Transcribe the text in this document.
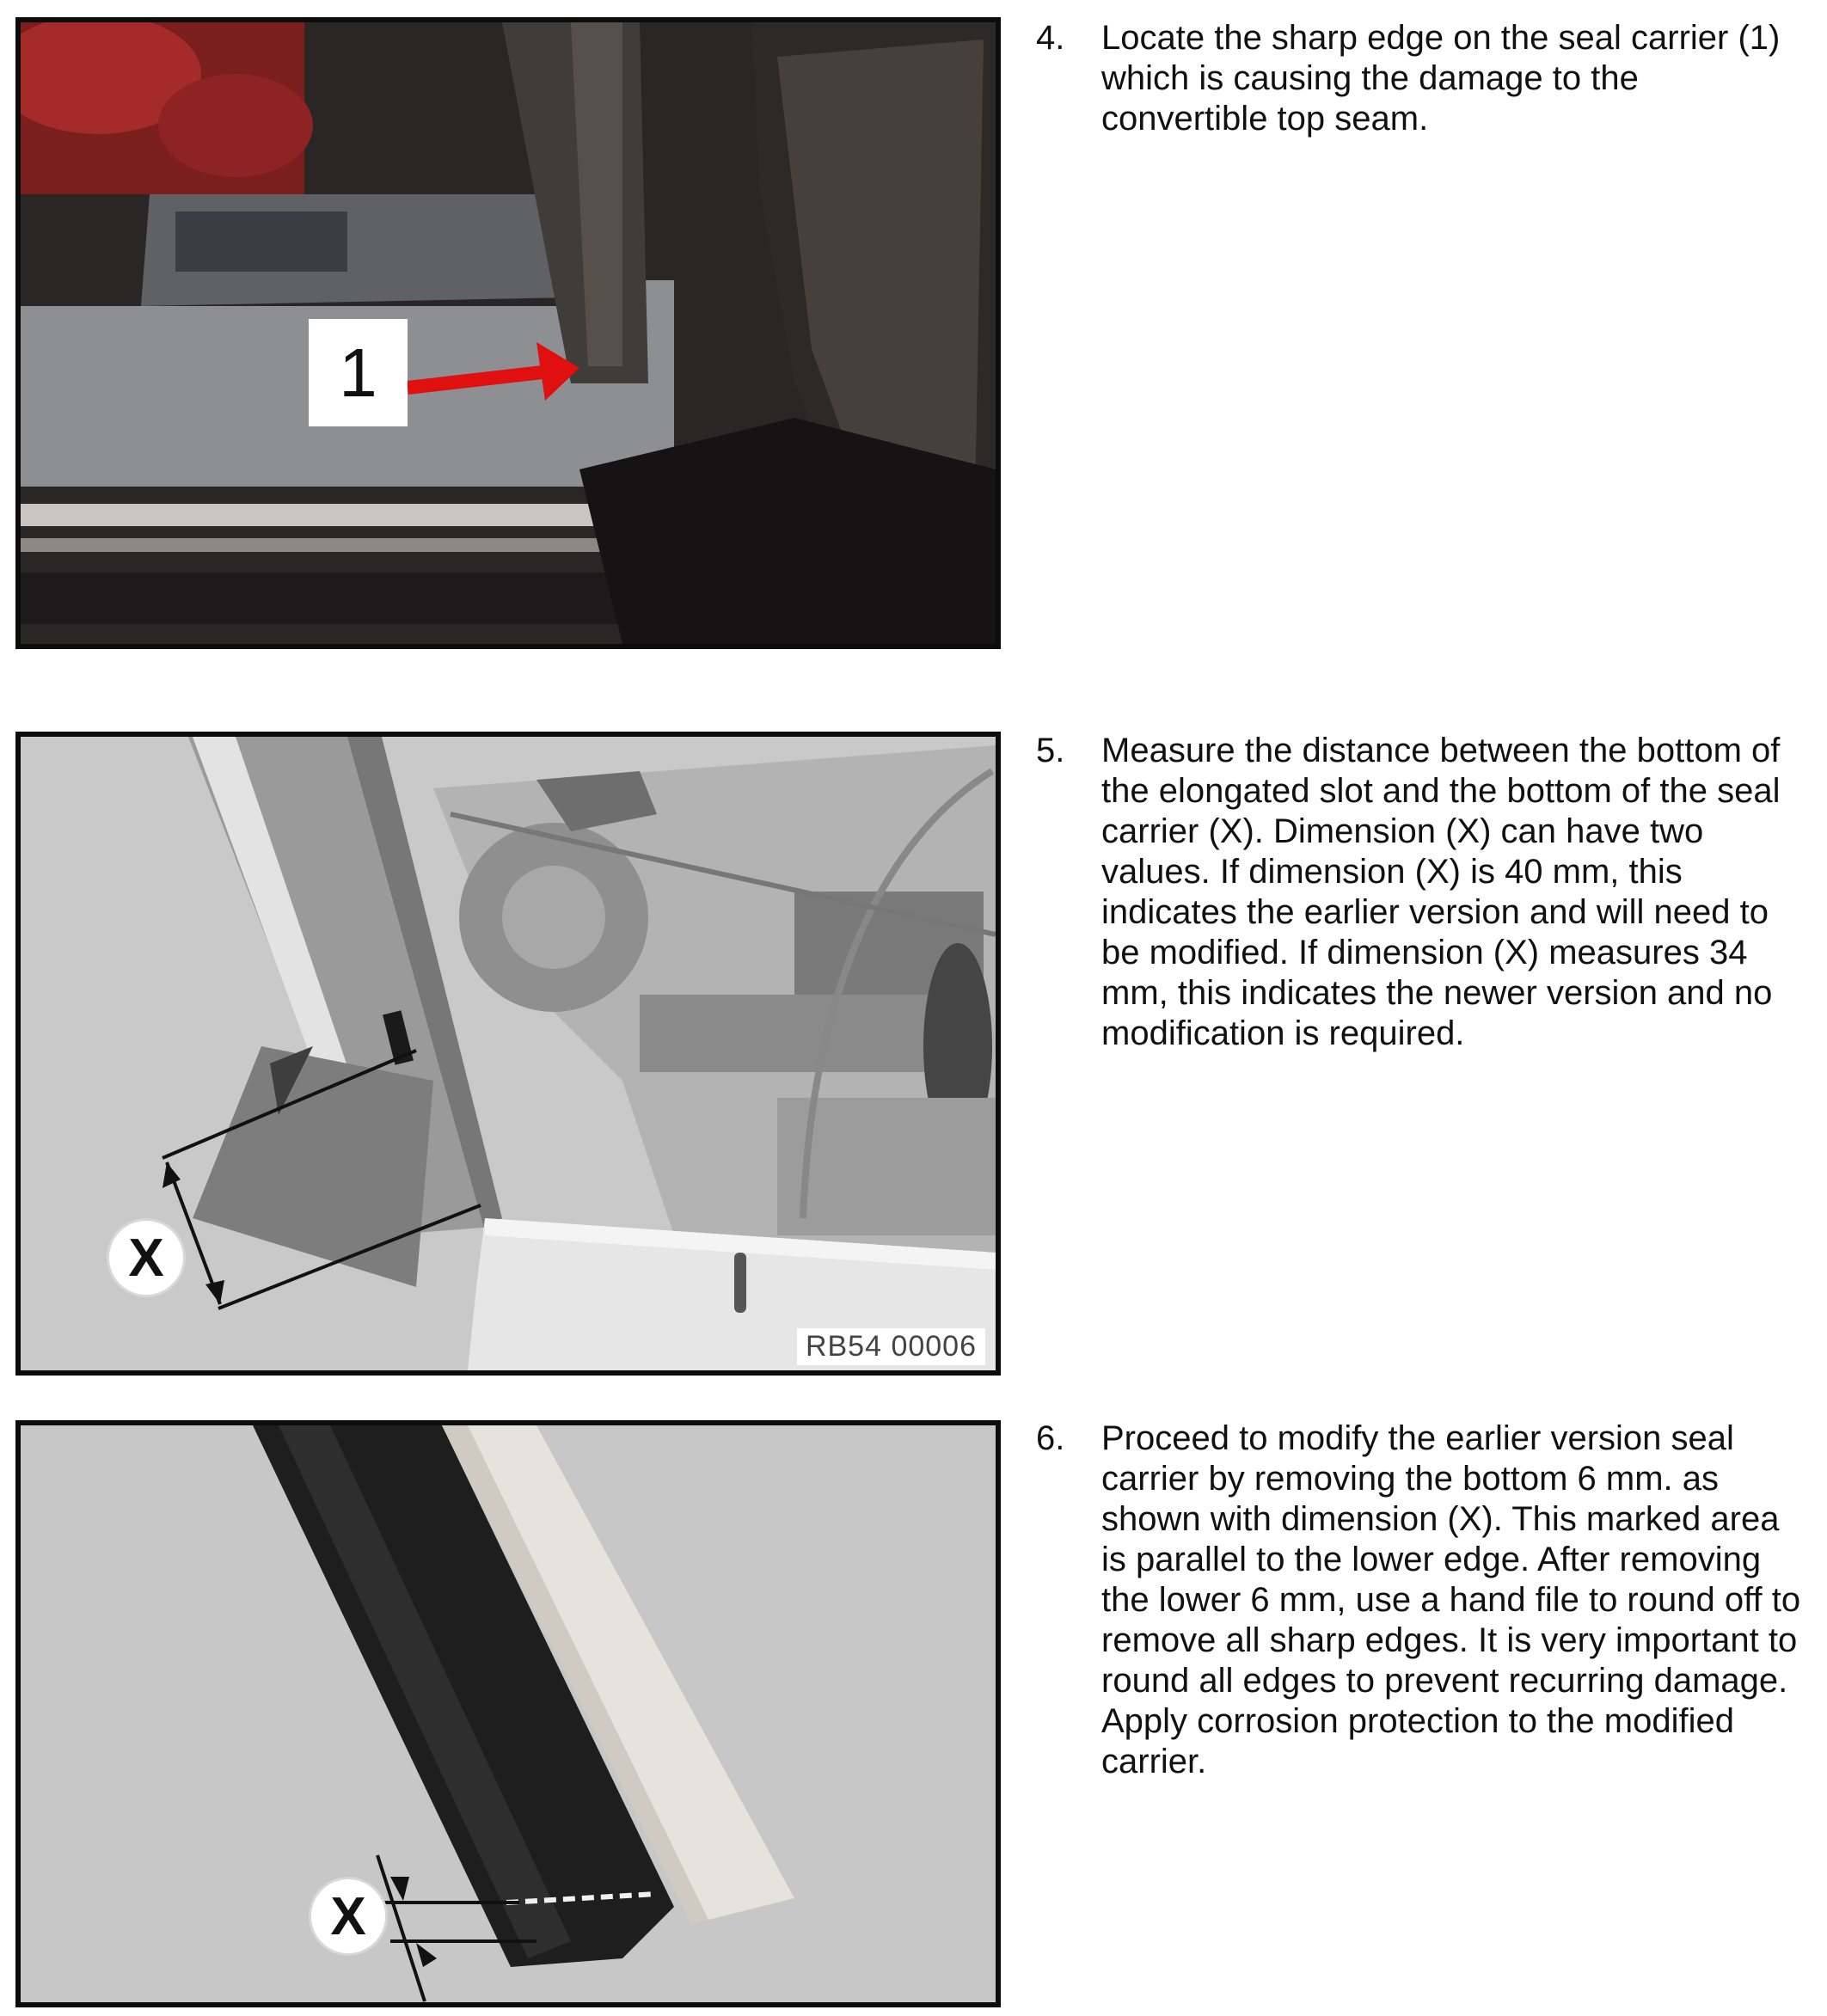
1
4.	Locate the sharp edge on the seal carrier (1) which is causing the damage to the convertible top seam.
X
RB54 00006
5.	Measure the distance between the bottom of the elongated slot and the bottom of the seal carrier (X). Dimension (X) can have two values. If dimension (X) is 40 mm, this indicates the earlier version and will need to be modified. If dimension (X) measures 34 mm, this indicates the newer version and no modification is required.
X
6.	Proceed to modify the earlier version seal carrier by removing the bottom 6 mm. as shown with dimension (X). This marked area is parallel to the lower edge. After removing the lower 6 mm, use a hand file to round off to remove all sharp edges. It is very important to round all edges to prevent recurring damage. Apply corrosion protection to the modified carrier.
